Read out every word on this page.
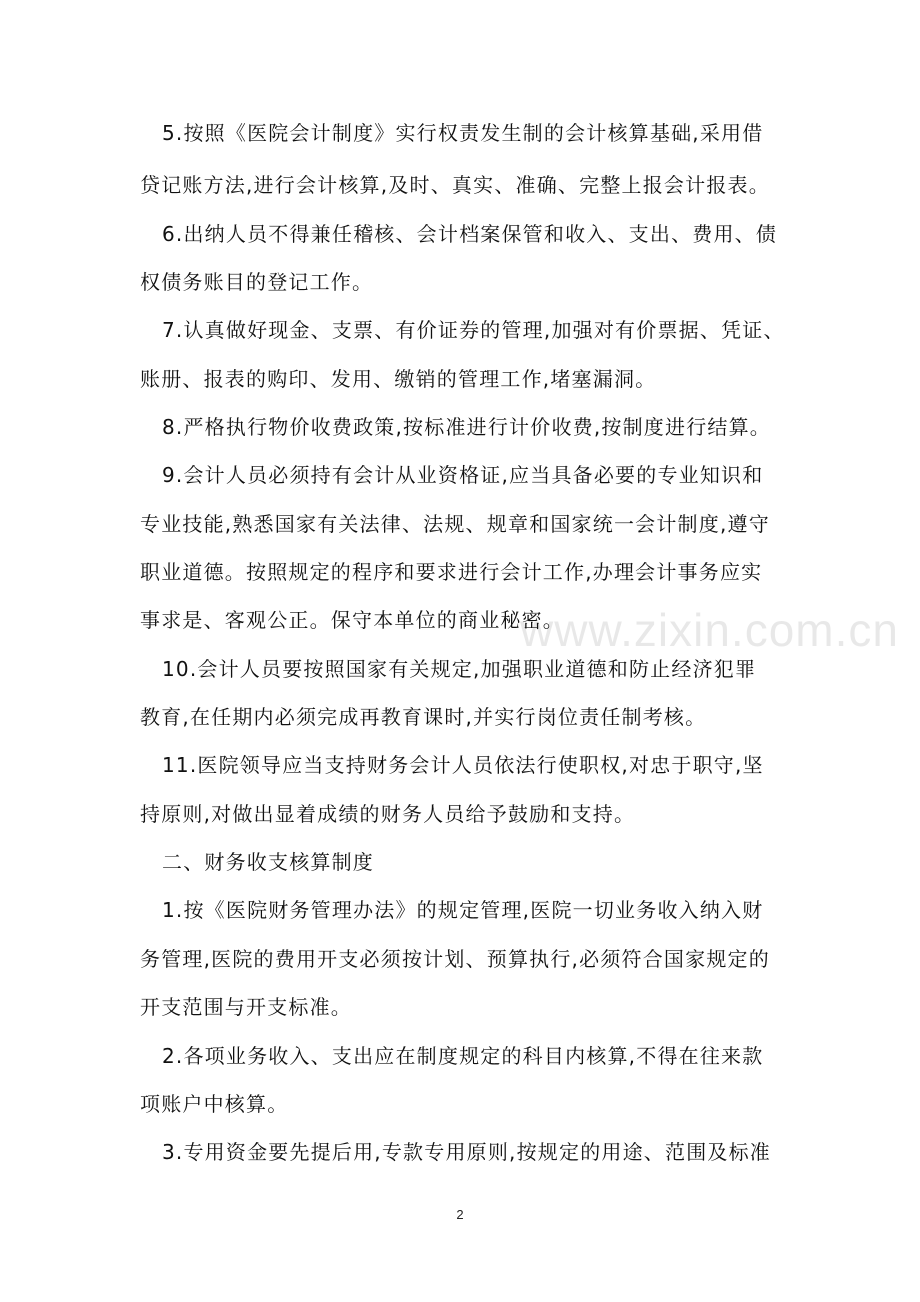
5.按照《医院会计制度》实行权责发生制的会计核算基础,采用借
贷记账方法,进行会计核算,及时、真实、准确、完整上报会计报表。
6.出纳人员不得兼任稽核、会计档案保管和收入、支出、费用、债
权债务账目的登记工作。
7.认真做好现金、支票、有价证券的管理,加强对有价票据、凭证、
账册、报表的购印、发用、缴销的管理工作,堵塞漏洞。
8.严格执行物价收费政策,按标准进行计价收费,按制度进行结算。
9.会计人员必须持有会计从业资格证,应当具备必要的专业知识和
专业技能,熟悉国家有关法律、法规、规章和国家统一会计制度,遵守
职业道德。按照规定的程序和要求进行会计工作,办理会计事务应实
事求是、客观公正。保守本单位的商业秘密。
10.会计人员要按照国家有关规定,加强职业道德和防止经济犯罪
教育,在任期内必须完成再教育课时,并实行岗位责任制考核。
11.医院领导应当支持财务会计人员依法行使职权,对忠于职守,坚
持原则,对做出显着成绩的财务人员给予鼓励和支持。
二、财务收支核算制度
1.按《医院财务管理办法》的规定管理,医院一切业务收入纳入财
务管理,医院的费用开支必须按计划、预算执行,必须符合国家规定的
开支范围与开支标准。
2.各项业务收入、支出应在制度规定的科目内核算,不得在往来款
项账户中核算。
3.专用资金要先提后用,专款专用原则,按规定的用途、范围及标准
www.zixin.com.cn
2
